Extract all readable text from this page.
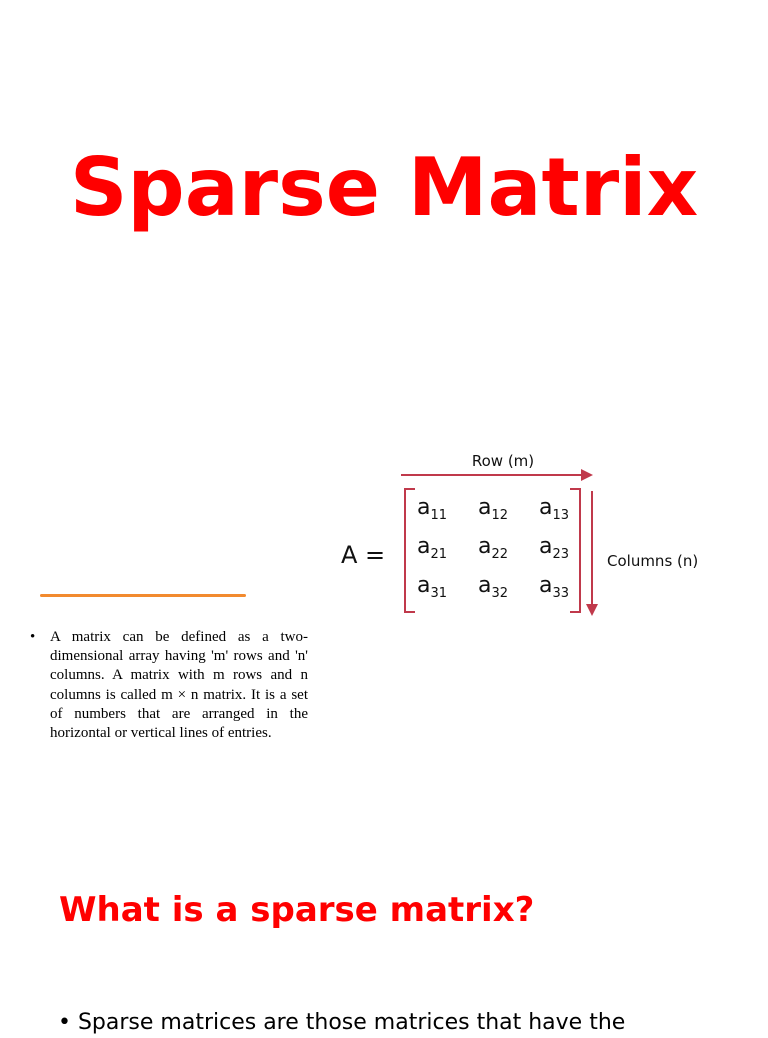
Sparse Matrix
• A matrix can be defined as a two-dimensional array having 'm' rows and 'n' columns. A matrix with m rows and n columns is called m × n matrix. It is a set of numbers that are arranged in the horizontal or vertical lines of entries.
Row (m)
A =	Columns (n)
$a_{11}$ $a_{12}$ $a_{13}$
$a_{21}$ $a_{22}$ $a_{23}$
$a_{31}$ $a_{32}$ $a_{33}$
What is a sparse matrix?
• Sparse matrices are those matrices that have the
